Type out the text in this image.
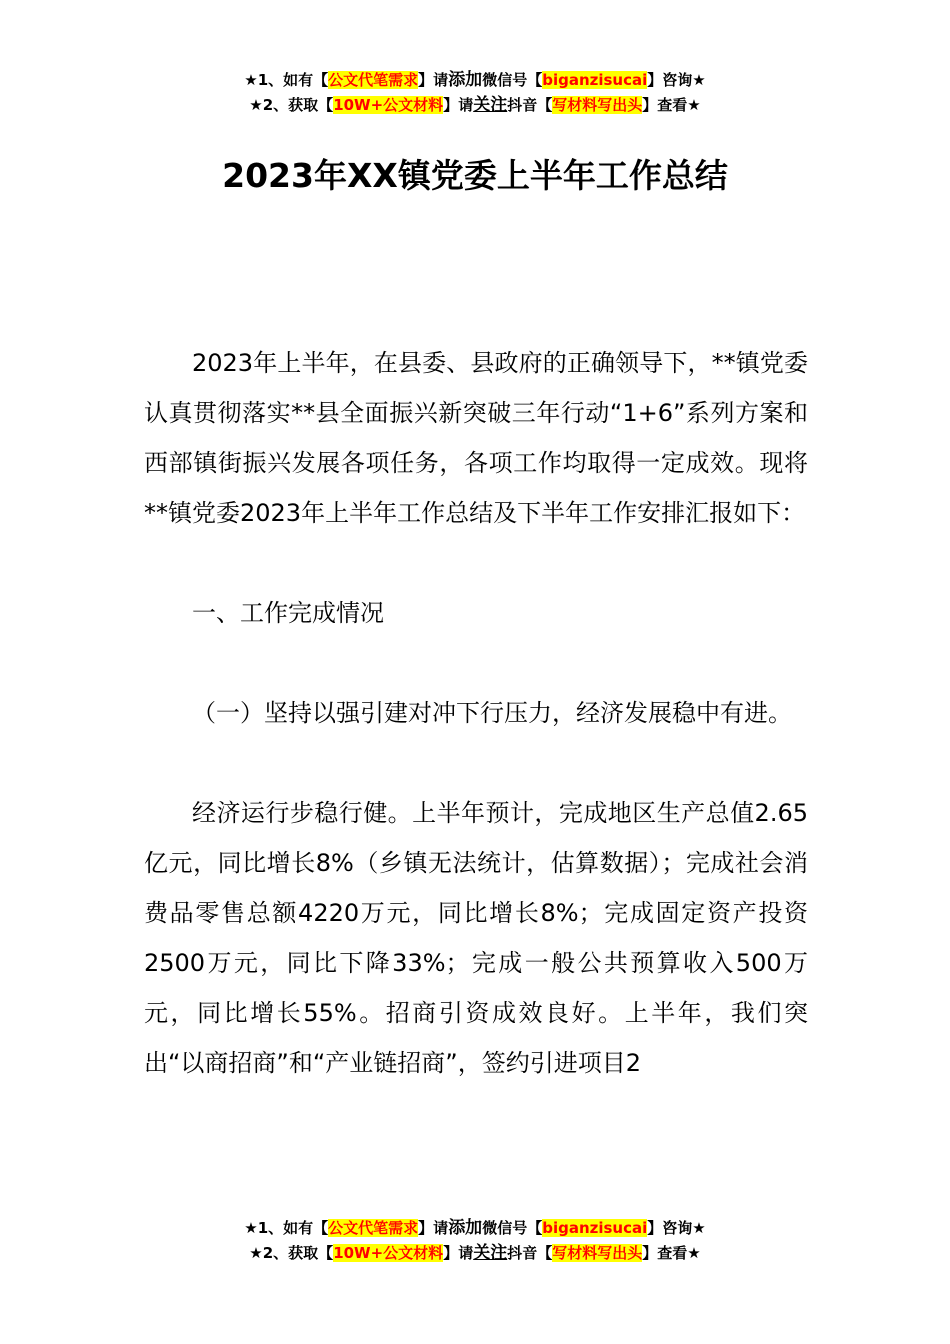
★1、如有【公文代笔需求】请添加微信号【biganzisucai】咨询★
★2、获取【10W+公文材料】请关注抖音【写材料写出头】查看★
2023年XX镇党委上半年工作总结

2023年上半年，在县委、县政府的正确领导下，**镇党委认真贯彻落实**县全面振兴新突破三年行动“1+6”系列方案和西部镇街振兴发展各项任务，各项工作均取得一定成效。现将**镇党委2023年上半年工作总结及下半年工作安排汇报如下：

一、工作完成情况

（一）坚持以强引建对冲下行压力，经济发展稳中有进。

经济运行步稳行健。上半年预计，完成地区生产总值2.65亿元，同比增长8%（乡镇无法统计，估算数据）；完成社会消费品零售总额4220万元，同比增长8%；完成固定资产投资2500万元，同比下降33%；完成一般公共预算收入500万元，同比增长55%。招商引资成效良好。上半年，我们突出“以商招商”和“产业链招商”，签约引进项目2

★1、如有【公文代笔需求】请添加微信号【biganzisucai】咨询★
★2、获取【10W+公文材料】请关注抖音【写材料写出头】查看★
